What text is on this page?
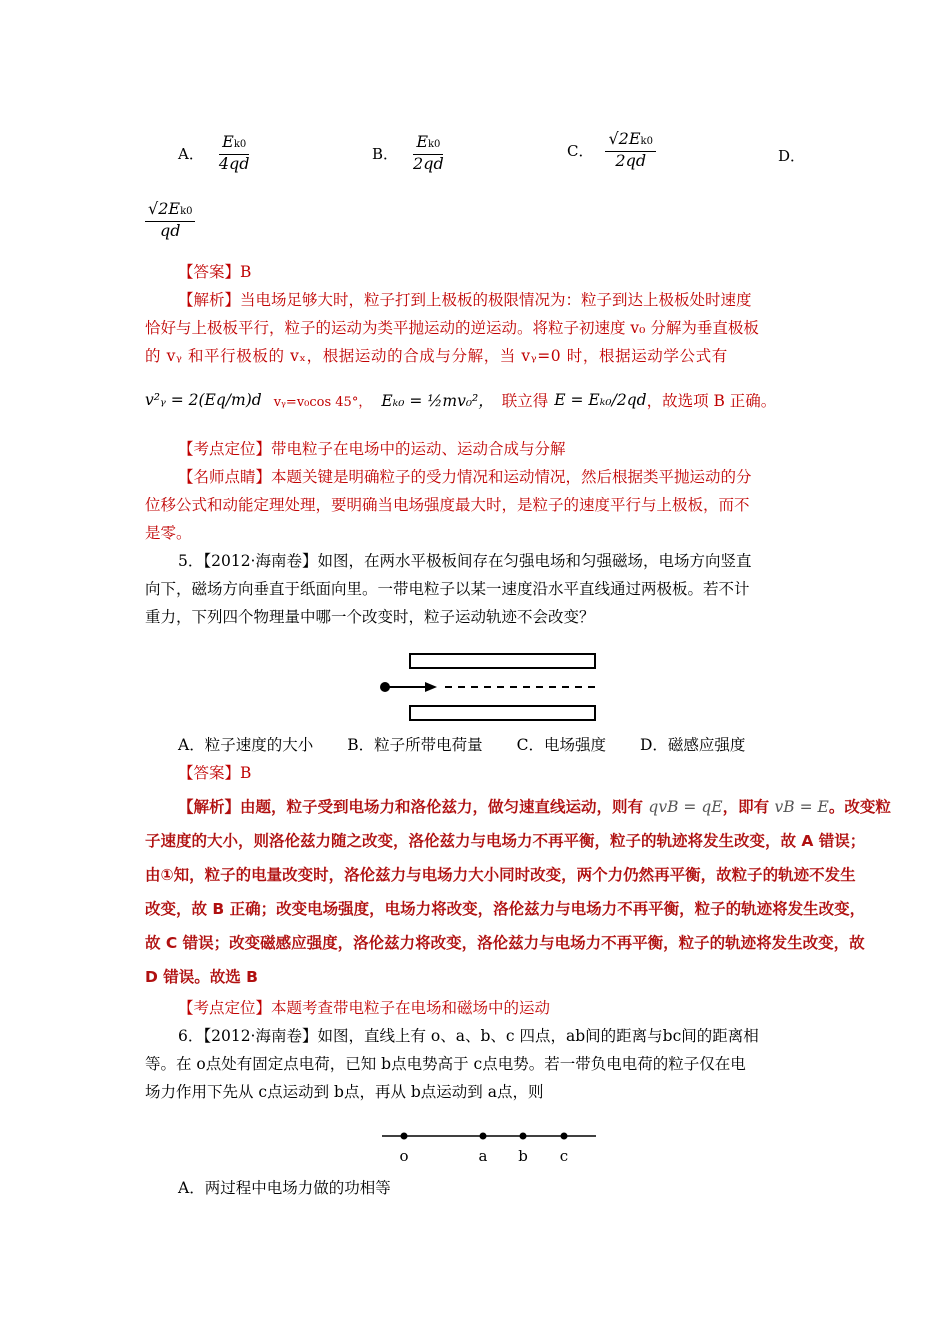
A． $\frac{Ek0}{4qd}$	B． $\frac{Ek0}{2qd}$	C． $\frac{√2Ek0}{2qd}$	D．
$\frac{√2Ek0}{qd}$
【答案】B
【解析】当电场足够大时，粒子打到上极板的极限情况为：粒子到达上极板处时速度
恰好与上极板平行，粒子的运动为类平抛运动的逆运动。将粒子初速度 v₀ 分解为垂直极板
的 vᵧ 和平行极板的 vₓ，根据运动的合成与分解，当 vᵧ=0 时，根据运动学公式有
v²ᵧ = 2(Eq/m)d vᵧ=v₀cos 45°， Eₖ₀ = ½mv₀²， 联立得 E = Eₖ₀/2qd ，故选项 B 正确。
【考点定位】带电粒子在电场中的运动、运动合成与分解
【名师点睛】本题关键是明确粒子的受力情况和运动情况，然后根据类平抛运动的分
位移公式和动能定理处理，要明确当电场强度最大时，是粒子的速度平行与上极板，而不
是零。
5．【2012·海南卷】如图，在两水平极板间存在匀强电场和匀强磁场，电场方向竖直
向下，磁场方向垂直于纸面向里。一带电粒子以某一速度沿水平直线通过两极板。若不计
重力，下列四个物理量中哪一个改变时，粒子运动轨迹不会改变？
A．粒子速度的大小 B．粒子所带电荷量 C．电场强度 D．磁感应强度
【答案】B
【解析】由题，粒子受到电场力和洛伦兹力，做匀速直线运动，则有 qvB = qE，即有 vB = E。改变粒
子速度的大小，则洛伦兹力随之改变，洛伦兹力与电场力不再平衡，粒子的轨迹将发生改变，故 A 错误；
由①知，粒子的电量改变时，洛伦兹力与电场力大小同时改变，两个力仍然再平衡，故粒子的轨迹不发生
改变，故 B 正确；改变电场强度，电场力将改变，洛伦兹力与电场力不再平衡，粒子的轨迹将发生改变，
故 C 错误；改变磁感应强度，洛伦兹力将改变，洛伦兹力与电场力不再平衡，粒子的轨迹将发生改变，故
D 错误。故选 B
【考点定位】本题考查带电粒子在电场和磁场中的运动
6．【2012·海南卷】如图，直线上有 o、a、b、c 四点，ab间的距离与bc间的距离相
等。在 o点处有固定点电荷，已知 b点电势高于 c点电势。若一带负电电荷的粒子仅在电
场力作用下先从 c点运动到 b点，再从 b点运动到 a点，则
o	a b c
A．两过程中电场力做的功相等
